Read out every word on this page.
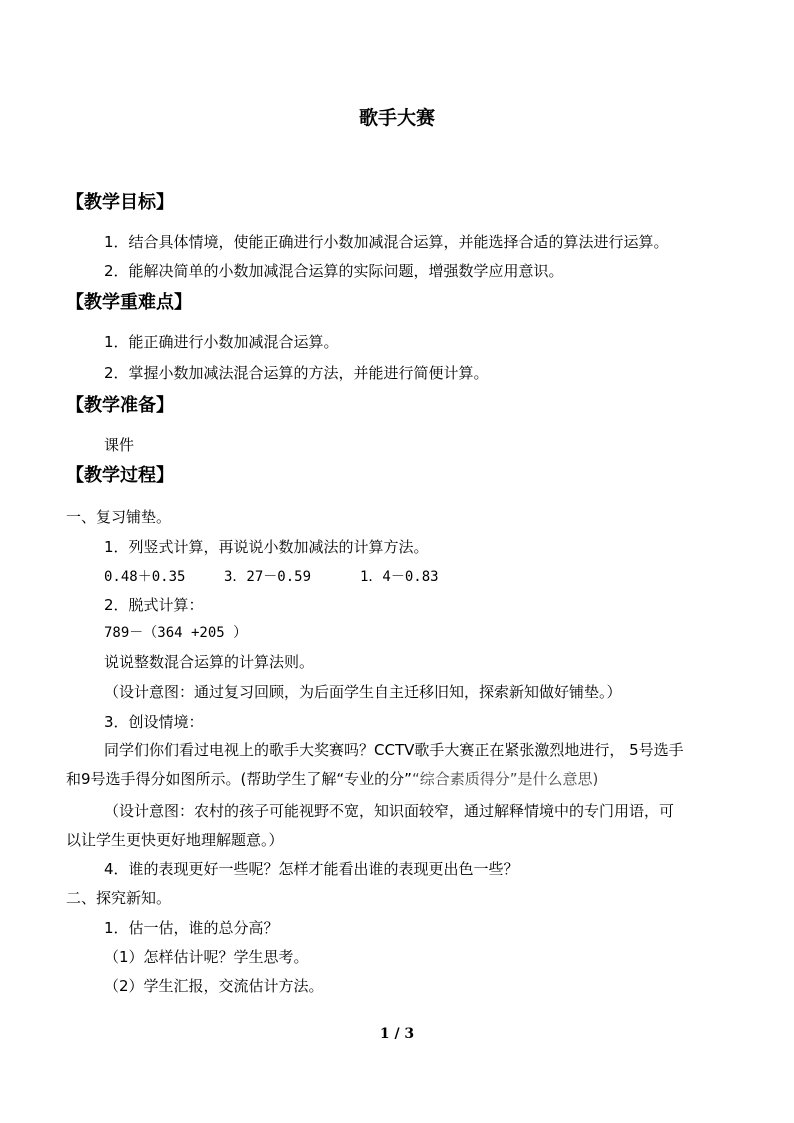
歌手大赛
【教学目标】
1．结合具体情境，使能正确进行小数加减混合运算，并能选择合适的算法进行运算。
2．能解决简单的小数加减混合运算的实际问题，增强数学应用意识。
【教学重难点】
1．能正确进行小数加减混合运算。
2．掌握小数加减法混合运算的方法，并能进行简便计算。
【教学准备】
课件
【教学过程】
一、复习铺垫。
1．列竖式计算，再说说小数加减法的计算方法。
0.48＋0.35	3．27－0.59	1．4－0.83
2．脱式计算：
789－（364 +205 ）
说说整数混合运算的计算法则。
（设计意图：通过复习回顾，为后面学生自主迁移旧知，探索新知做好铺垫。）
3．创设情境：
同学们你们看过电视上的歌手大奖赛吗？CCTV歌手大赛正在紧张激烈地进行， 5号选手
和9号选手得分如图所示。(帮助学生了解“专业的分”“综合素质得分”是什么意思)
（设计意图：农村的孩子可能视野不宽，知识面较窄，通过解释情境中的专门用语，可
以让学生更快更好地理解题意。）
4．谁的表现更好一些呢？怎样才能看出谁的表现更出色一些？
二、探究新知。
1．估一估，谁的总分高？
（1）怎样估计呢？学生思考。
（2）学生汇报，交流估计方法。
1 / 3
